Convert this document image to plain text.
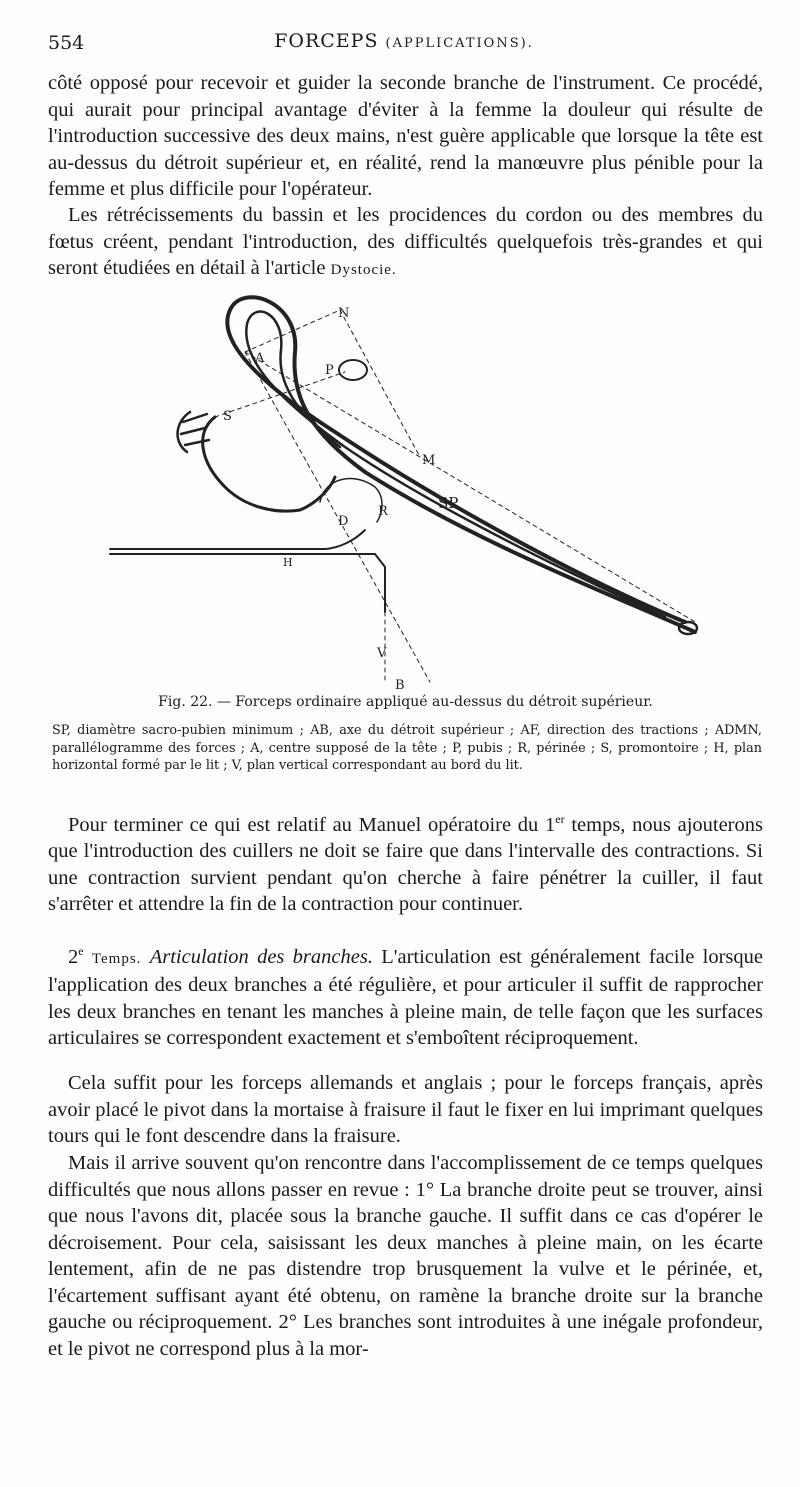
554	FORCEPS (APPLICATIONS).

côté opposé pour recevoir et guider la seconde branche de l'instrument. Ce procédé, qui aurait pour principal avantage d'éviter à la femme la douleur qui résulte de l'introduction successive des deux mains, n'est guère applicable que lorsque la tête est au-dessus du détroit supérieur et, en réalité, rend la manœuvre plus pénible pour la femme et plus difficile pour l'opérateur.

Les rétrécissements du bassin et les procidences du cordon ou des membres du fœtus créent, pendant l'introduction, des difficultés quelquefois très-grandes et qui seront étudiées en détail à l'article Dystocie.

N
A
P
S
M
SP
D
R
H
V
B
Fig. 22. — Forceps ordinaire appliqué au-dessus du détroit supérieur.

SP, diamètre sacro-pubien minimum ; AB, axe du détroit supérieur ; AF, direction des tractions ; ADMN, parallélogramme des forces ; A, centre supposé de la tête ; P, pubis ; R, périnée ; S, promontoire ; H, plan horizontal formé par le lit ; V, plan vertical correspondant au bord du lit.

Pour terminer ce qui est relatif au Manuel opératoire du 1er temps, nous ajouterons que l'introduction des cuillers ne doit se faire que dans l'intervalle des contractions. Si une contraction survient pendant qu'on cherche à faire pénétrer la cuiller, il faut s'arrêter et attendre la fin de la contraction pour continuer.

2e Temps. Articulation des branches. L'articulation est généralement facile lorsque l'application des deux branches a été régulière, et pour articuler il suffit de rapprocher les deux branches en tenant les manches à pleine main, de telle façon que les surfaces articulaires se correspondent exactement et s'emboîtent réciproquement.

Cela suffit pour les forceps allemands et anglais ; pour le forceps français, après avoir placé le pivot dans la mortaise à fraisure il faut le fixer en lui imprimant quelques tours qui le font descendre dans la fraisure.

Mais il arrive souvent qu'on rencontre dans l'accomplissement de ce temps quelques difficultés que nous allons passer en revue : 1° La branche droite peut se trouver, ainsi que nous l'avons dit, placée sous la branche gauche. Il suffit dans ce cas d'opérer le décroisement. Pour cela, saisissant les deux manches à pleine main, on les écarte lentement, afin de ne pas distendre trop brusquement la vulve et le périnée, et, l'écartement suffisant ayant été obtenu, on ramène la branche droite sur la branche gauche ou réciproquement. 2° Les branches sont introduites à une inégale profondeur, et le pivot ne correspond plus à la mor-
